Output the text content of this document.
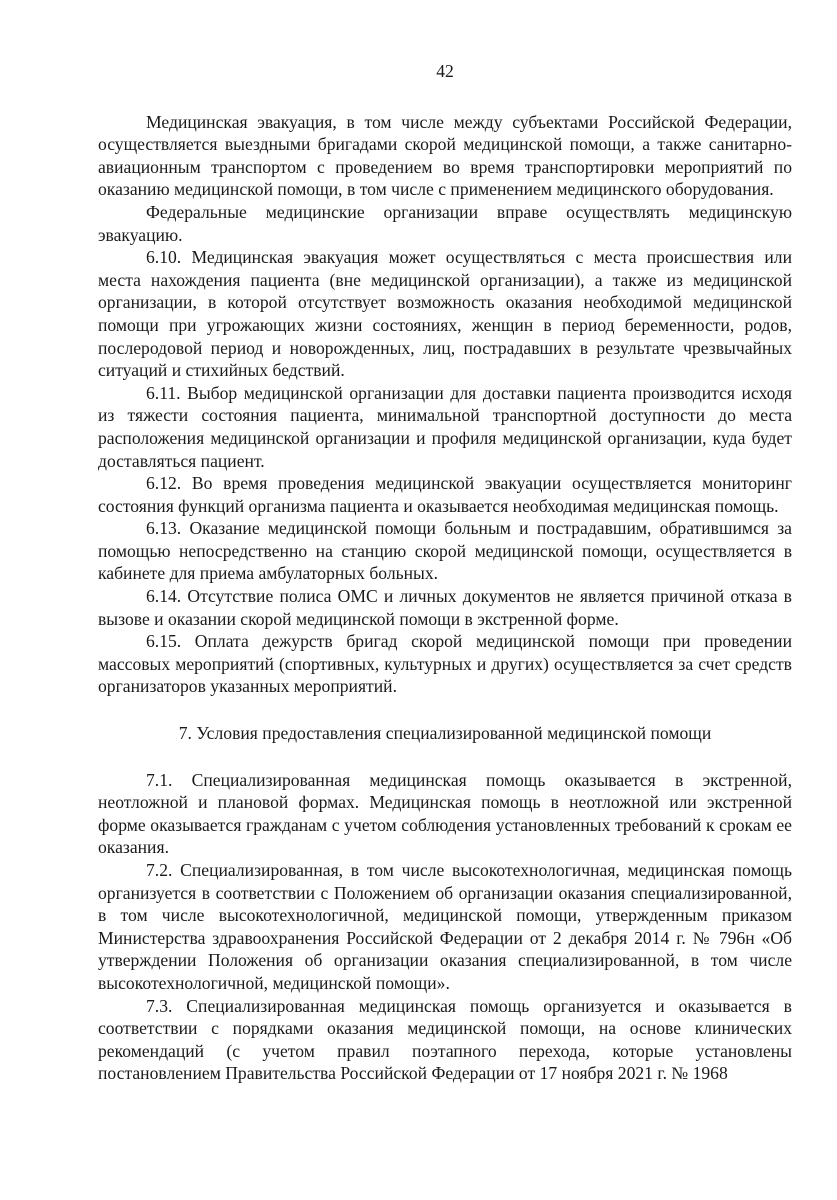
42

Медицинская эвакуация, в том числе между субъектами Российской Федерации, осуществляется выездными бригадами скорой медицинской помощи, а также санитарно-авиационным транспортом с проведением во время транспортировки мероприятий по оказанию медицинской помощи, в том числе с применением медицинского оборудования.

Федеральные медицинские организации вправе осуществлять медицинскую эвакуацию.

6.10. Медицинская эвакуация может осуществляться с места происшествия или места нахождения пациента (вне медицинской организации), а также из медицинской организации, в которой отсутствует возможность оказания необходимой медицинской помощи при угрожающих жизни состояниях, женщин в период беременности, родов, послеродовой период и новорожденных, лиц, пострадавших в результате чрезвычайных ситуаций и стихийных бедствий.

6.11. Выбор медицинской организации для доставки пациента производится исходя из тяжести состояния пациента, минимальной транспортной доступности до места расположения медицинской организации и профиля медицинской организации, куда будет доставляться пациент.

6.12. Во время проведения медицинской эвакуации осуществляется мониторинг состояния функций организма пациента и оказывается необходимая медицинская помощь.

6.13. Оказание медицинской помощи больным и пострадавшим, обратившимся за помощью непосредственно на станцию скорой медицинской помощи, осуществляется в кабинете для приема амбулаторных больных.

6.14. Отсутствие полиса ОМС и личных документов не является причиной отказа в вызове и оказании скорой медицинской помощи в экстренной форме.

6.15. Оплата дежурств бригад скорой медицинской помощи при проведении массовых мероприятий (спортивных, культурных и других) осуществляется за счет средств организаторов указанных мероприятий.

7. Условия предоставления специализированной медицинской помощи

7.1. Специализированная медицинская помощь оказывается в экстренной, неотложной и плановой формах. Медицинская помощь в неотложной или экстренной форме оказывается гражданам с учетом соблюдения установленных требований к срокам ее оказания.

7.2. Специализированная, в том числе высокотехнологичная, медицинская помощь организуется в соответствии с Положением об организации оказания специализированной, в том числе высокотехнологичной, медицинской помощи, утвержденным приказом Министерства здравоохранения Российской Федерации от 2 декабря 2014 г. № 796н «Об утверждении Положения об организации оказания специализированной, в том числе высокотехнологичной, медицинской помощи».

7.3. Специализированная медицинская помощь организуется и оказывается в соответствии с порядками оказания медицинской помощи, на основе клинических рекомендаций (с учетом правил поэтапного перехода, которые установлены постановлением Правительства Российской Федерации от 17 ноября 2021 г. № 1968
